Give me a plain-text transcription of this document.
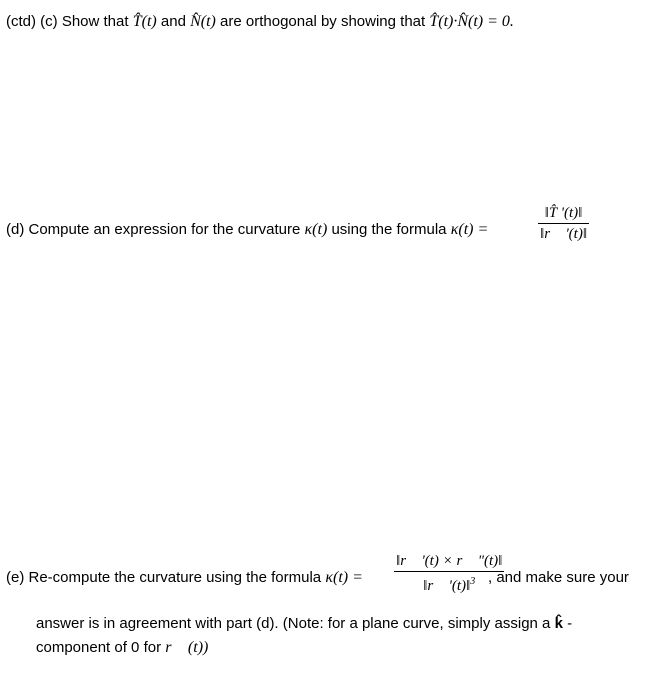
(ctd) (c) Show that T̂(t) and N̂(t) are orthogonal by showing that T̂(t)·N̂(t) = 0.
(d) Compute an expression for the curvature κ(t) using the formula κ(t) =
‖T̂ '(t)‖
‖r⃗ '(t)‖
(e) Re-compute the curvature using the formula κ(t) =
‖r⃗ '(t) × r⃗ "(t)‖
‖r⃗ '(t)‖$^3$ , and make sure your
answer is in agreement with part (d). (Note: for a plane curve, simply assign a k̂ -
component of 0 for r⃗ (t))
